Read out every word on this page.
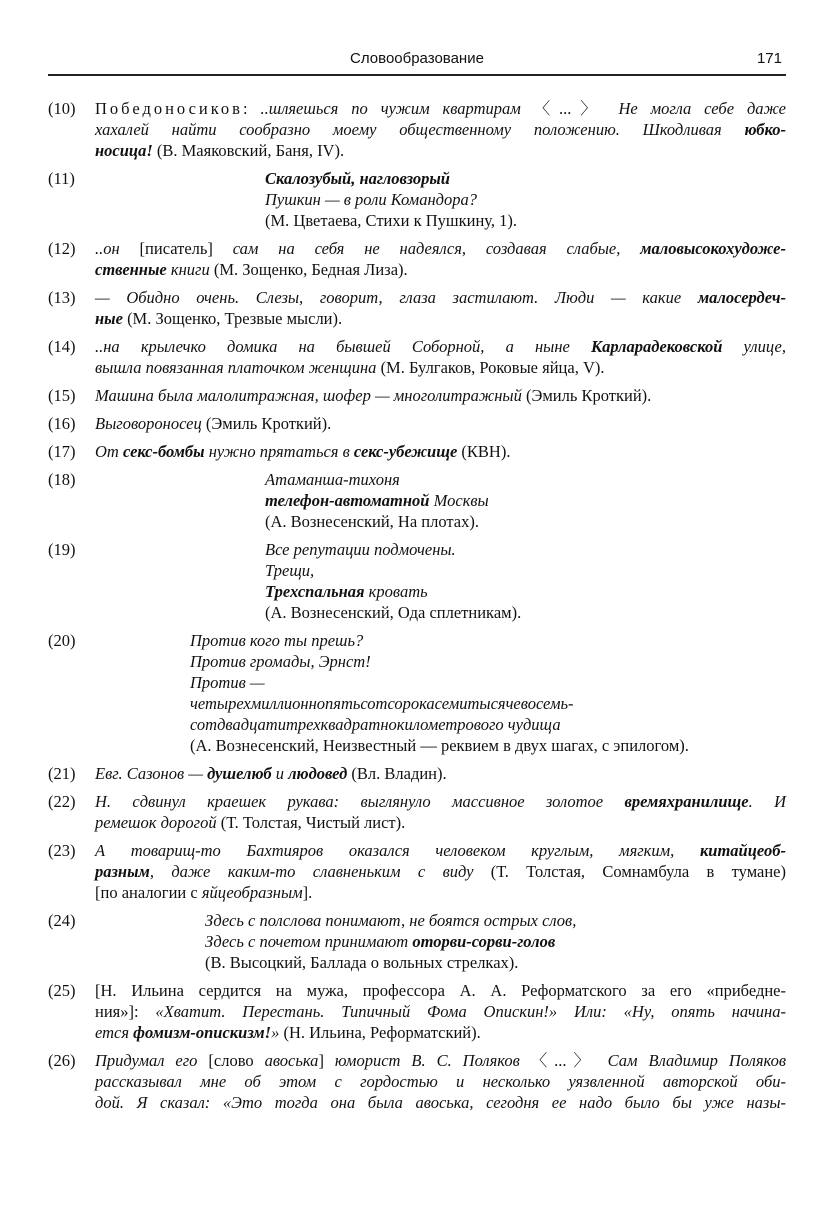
Словообразование	171
(10) Победоносиков: ..шляешься по чужим квартирам 〈...〉 Не могла себе даже
хахалей найти сообразно моему общественному положению. Шкодливая юбко-
носица! (В. Маяковский, Баня, IV).
(11)	Скалозубый, нагловзорый
Пушкин — в роли Командора?
(М. Цветаева, Стихи к Пушкину, 1).
(12) ..он [писатель] сам на себя не надеялся, создавая слабые, маловысокохудоже-
ственные книги (М. Зощенко, Бедная Лиза).
(13) — Обидно очень. Слезы, говорит, глаза застилают. Люди — какие малосердеч-
ные (М. Зощенко, Трезвые мысли).
(14) ..на крылечко домика на бывшей Соборной, а ныне Карларадековской улице,
вышла повязанная платочком женщина (М. Булгаков, Роковые яйца, V).
(15) Машина была малолитражная, шофер — многолитражный (Эмиль Кроткий).
(16) Выговороносец (Эмиль Кроткий).
(17) От секс-бомбы нужно прятаться в секс-убежище (КВН).
(18)	Атаманша-тихоня
телефон-автоматной Москвы
(А. Вознесенский, На плотах).
(19)	Все репутации подмочены.
Трещи,
Трехспальная кровать
(А. Вознесенский, Ода сплетникам).
(20)	Против кого ты прешь?
Против громады, Эрнст!
Против —
четырехмиллионнопятьсотсорокасемитысячевосемь-
сотдвадцатитрехквадратнокилометрового чудища
(А. Вознесенский, Неизвестный — реквием в двух шагах, с эпилогом).
(21) Евг. Сазонов — душелюб и людовед (Вл. Владин).
(22) Н. сдвинул краешек рукава: выглянуло массивное золотое времяхранилище. И
ремешок дорогой (Т. Толстая, Чистый лист).
(23) А товарищ-то Бахтияров оказался человеком круглым, мягким, китайцеоб-
разным, даже каким-то славненьким с виду (Т. Толстая, Сомнамбула в тумане)
[по аналогии с яйцеобразным].
(24)	Здесь с полслова понимают, не боятся острых слов,
Здесь с почетом принимают оторви-сорви-голов
(В. Высоцкий, Баллада о вольных стрелках).
(25) [Н. Ильина сердится на мужа, профессора А. А. Реформатского за его «прибедне-
ния»]: «Хватит. Перестань. Типичный Фома Опискин!» Или: «Ну, опять начина-
ется фомизм-опискизм!» (Н. Ильина, Реформатский).
(26) Придумал его [слово авоська] юморист В. С. Поляков 〈...〉 Сам Владимир Поляков
рассказывал мне об этом с гордостью и несколько уязвленной авторской оби-
дой. Я сказал: «Это тогда она была авоська, сегодня ее надо было бы уже назы-
